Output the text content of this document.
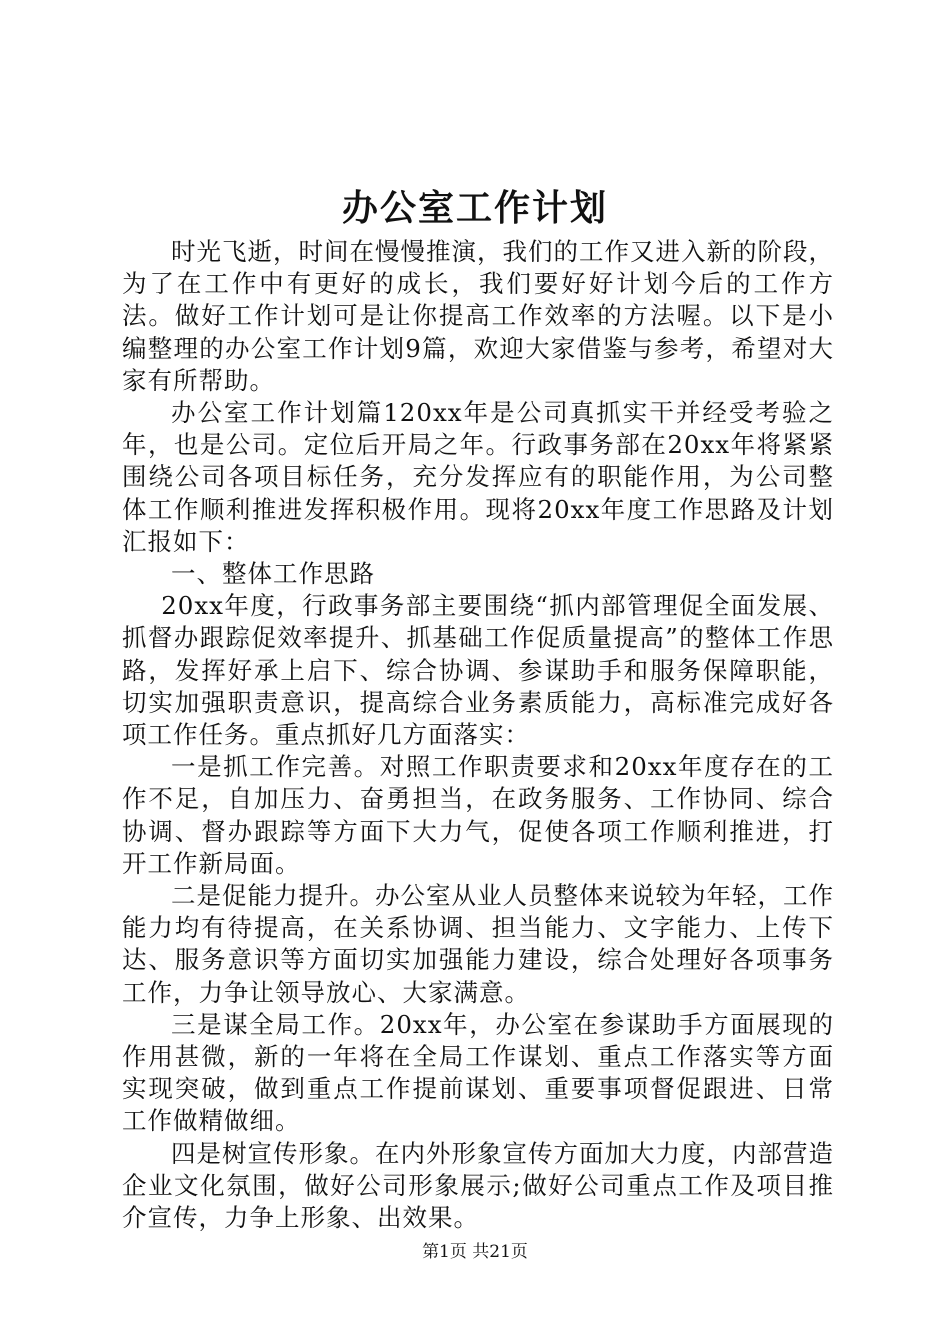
办公室工作计划

时光飞逝，时间在慢慢推演，我们的工作又进入新的阶段，为了在工作中有更好的成长，我们要好好计划今后的工作方法。做好工作计划可是让你提高工作效率的方法喔。以下是小编整理的办公室工作计划9篇，欢迎大家借鉴与参考，希望对大家有所帮助。

办公室工作计划篇120xx年是公司真抓实干并经受考验之年，也是公司。定位后开局之年。行政事务部在20xx年将紧紧围绕公司各项目标任务，充分发挥应有的职能作用，为公司整体工作顺利推进发挥积极作用。现将20xx年度工作思路及计划汇报如下：

一、整体工作思路

20xx年度，行政事务部主要围绕“抓内部管理促全面发展、抓督办跟踪促效率提升、抓基础工作促质量提高”的整体工作思路，发挥好承上启下、综合协调、参谋助手和服务保障职能，切实加强职责意识，提高综合业务素质能力，高标准完成好各项工作任务。重点抓好几方面落实：

一是抓工作完善。对照工作职责要求和20xx年度存在的工作不足，自加压力、奋勇担当，在政务服务、工作协同、综合协调、督办跟踪等方面下大力气，促使各项工作顺利推进，打开工作新局面。

二是促能力提升。办公室从业人员整体来说较为年轻，工作能力均有待提高，在关系协调、担当能力、文字能力、上传下达、服务意识等方面切实加强能力建设，综合处理好各项事务工作，力争让领导放心、大家满意。

三是谋全局工作。20xx年，办公室在参谋助手方面展现的作用甚微，新的一年将在全局工作谋划、重点工作落实等方面实现突破，做到重点工作提前谋划、重要事项督促跟进、日常工作做精做细。

四是树宣传形象。在内外形象宣传方面加大力度，内部营造企业文化氛围，做好公司形象展示;做好公司重点工作及项目推介宣传，力争上形象、出效果。

第1页 共21页
